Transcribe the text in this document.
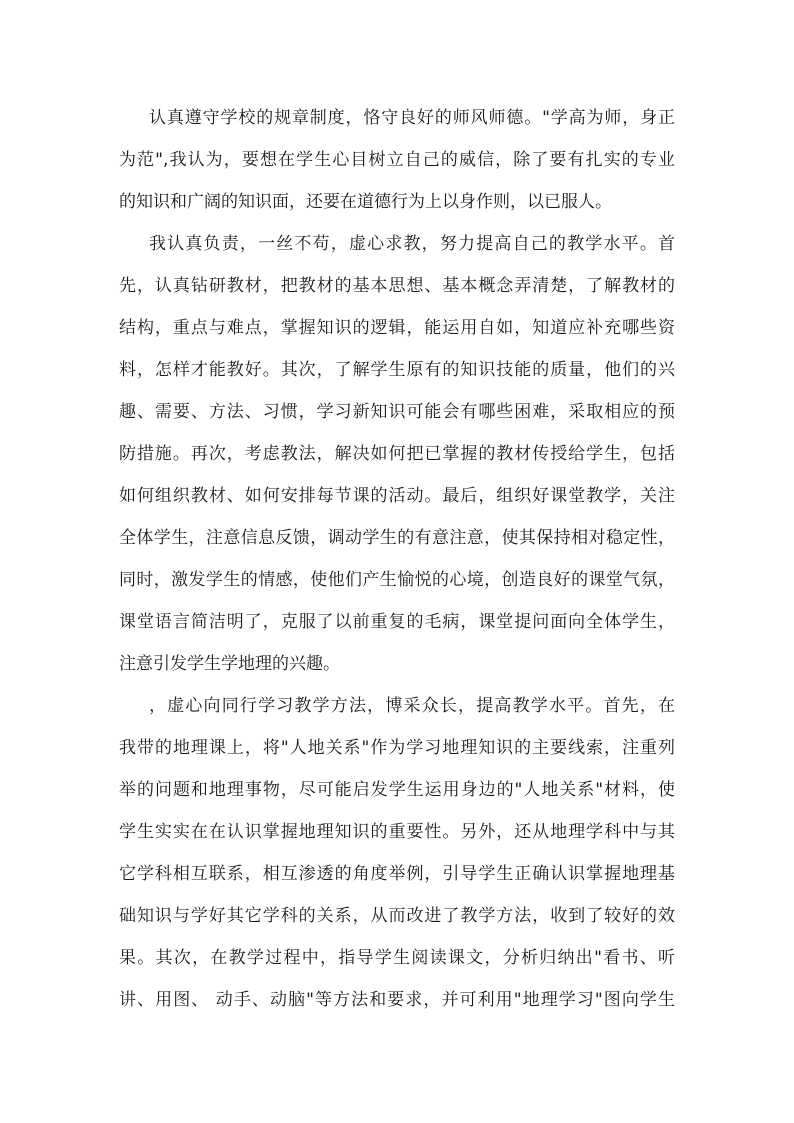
认真遵守学校的规章制度，恪守良好的师风师德。"学高为师，身正
为范",我认为，要想在学生心目树立自己的威信，除了要有扎实的专业
的知识和广阔的知识面，还要在道德行为上以身作则，以已服人。
我认真负责，一丝不苟，虚心求教，努力提高自己的教学水平。首
先，认真钻研教材，把教材的基本思想、基本概念弄清楚，了解教材的
结构，重点与难点，掌握知识的逻辑，能运用自如，知道应补充哪些资
料，怎样才能教好。其次，了解学生原有的知识技能的质量，他们的兴
趣、需要、方法、习惯，学习新知识可能会有哪些困难，采取相应的预
防措施。再次，考虑教法，解决如何把已掌握的教材传授给学生，包括
如何组织教材、如何安排每节课的活动。最后，组织好课堂教学，关注
全体学生，注意信息反馈，调动学生的有意注意，使其保持相对稳定性，
同时，激发学生的情感，使他们产生愉悦的心境，创造良好的课堂气氛，
课堂语言简洁明了，克服了以前重复的毛病，课堂提问面向全体学生，
注意引发学生学地理的兴趣。
，虚心向同行学习教学方法，博采众长，提高教学水平。首先，在
我带的地理课上，将"人地关系"作为学习地理知识的主要线索，注重列
举的问题和地理事物，尽可能启发学生运用身边的"人地关系"材料，使
学生实实在在认识掌握地理知识的重要性。另外，还从地理学科中与其
它学科相互联系，相互渗透的角度举例，引导学生正确认识掌握地理基
础知识与学好其它学科的关系，从而改进了教学方法，收到了较好的效
果。其次，在教学过程中，指导学生阅读课文，分析归纳出"看书、听
讲、用图、 动手、动脑"等方法和要求，并可利用"地理学习"图向学生
